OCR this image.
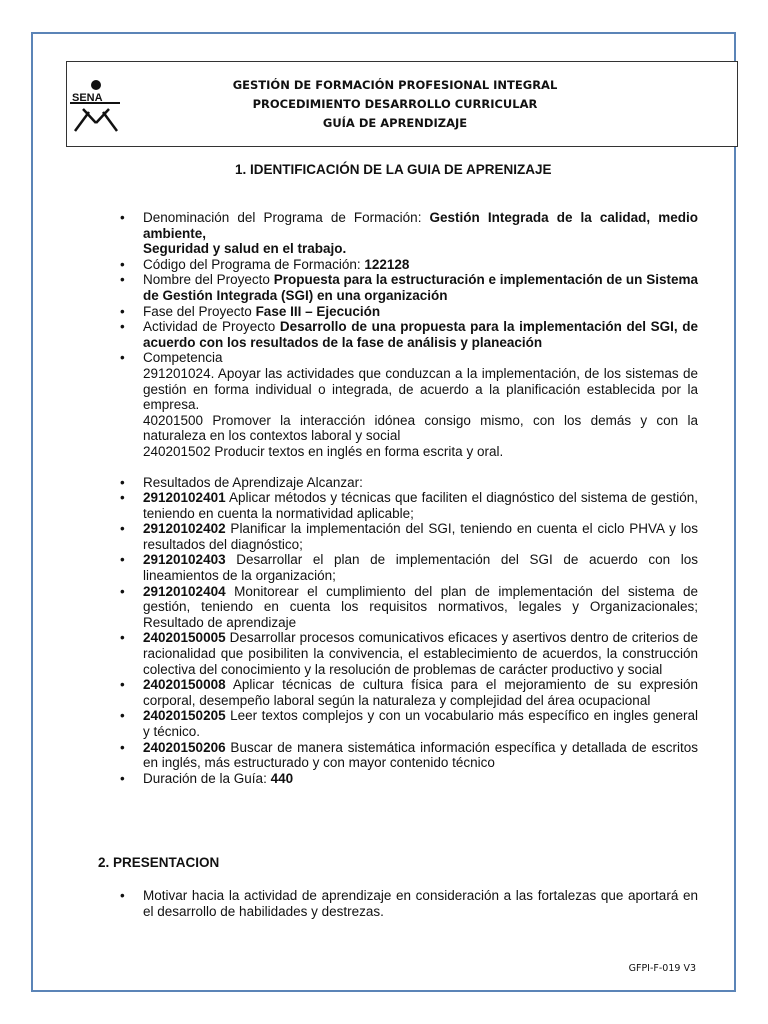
SENA
GESTIÓN DE FORMACIÓN PROFESIONAL INTEGRAL
PROCEDIMIENTO DESARROLLO CURRICULAR
GUÍA DE APRENDIZAJE
1. IDENTIFICACIÓN DE LA GUIA DE APRENIZAJE
• Denominación del Programa de Formación: Gestión Integrada de la calidad, medio ambiente,
Seguridad y salud en el trabajo.
• Código del Programa de Formación: 122128
• Nombre del Proyecto Propuesta para la estructuración e implementación de un Sistema de Gestión Integrada (SGI) en una organización
• Fase del Proyecto Fase III – Ejecución
• Actividad de Proyecto Desarrollo de una propuesta para la implementación del SGI, de acuerdo con los resultados de la fase de análisis y planeación
• Competencia
291201024. Apoyar las actividades que conduzcan a la implementación, de los sistemas de gestión en forma individual o integrada, de acuerdo a la planificación establecida por la empresa.
40201500 Promover la interacción idónea consigo mismo, con los demás y con la naturaleza en los contextos laboral y social
240201502 Producir textos en inglés en forma escrita y oral.
• Resultados de Aprendizaje Alcanzar:
• 29120102401 Aplicar métodos y técnicas que faciliten el diagnóstico del sistema de gestión, teniendo en cuenta la normatividad aplicable;
• 29120102402 Planificar la implementación del SGI, teniendo en cuenta el ciclo PHVA y los resultados del diagnóstico;
• 29120102403 Desarrollar el plan de implementación del SGI de acuerdo con los lineamientos de la organización;
• 29120102404 Monitorear el cumplimiento del plan de implementación del sistema de gestión, teniendo en cuenta los requisitos normativos, legales y Organizacionales; Resultado de aprendizaje
• 24020150005 Desarrollar procesos comunicativos eficaces y asertivos dentro de criterios de racionalidad que posibiliten la convivencia, el establecimiento de acuerdos, la construcción colectiva del conocimiento y la resolución de problemas de carácter productivo y social
• 24020150008 Aplicar técnicas de cultura física para el mejoramiento de su expresión corporal, desempeño laboral según la naturaleza y complejidad del área ocupacional
• 24020150205 Leer textos complejos y con un vocabulario más específico en ingles general y técnico.
• 24020150206 Buscar de manera sistemática información específica y detallada de escritos en inglés, más estructurado y con mayor contenido técnico
• Duración de la Guía: 440
2. PRESENTACION
• Motivar hacia la actividad de aprendizaje en consideración a las fortalezas que aportará en el desarrollo de habilidades y destrezas.
GFPI-F-019 V3
